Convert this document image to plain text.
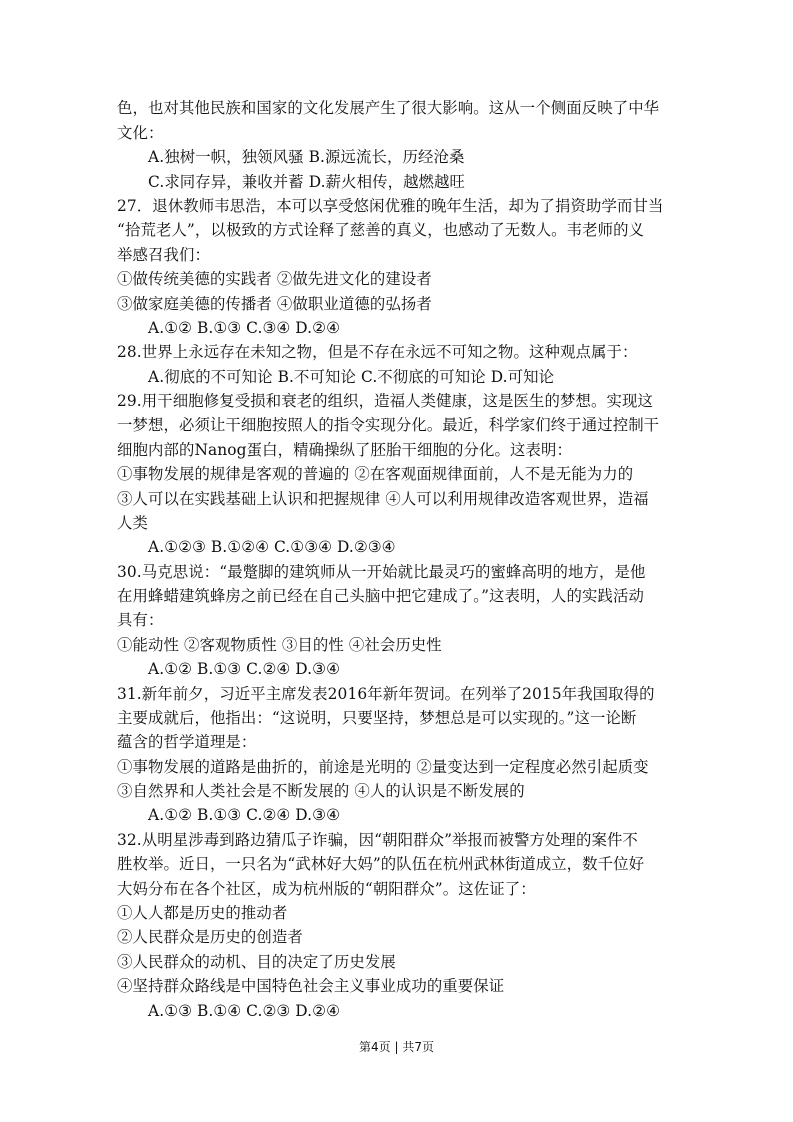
色，也对其他民族和国家的文化发展产生了很大影响。这从一个侧面反映了中华
文化：
A.独树一帜，独领风骚 B.源远流长，历经沧桑
C.求同存异，兼收并蓄 D.薪火相传，越燃越旺
27．退休教师韦思浩，本可以享受悠闲优雅的晚年生活，却为了捐资助学而甘当
“拾荒老人”，以极致的方式诠释了慈善的真义，也感动了无数人。韦老师的义
举感召我们：
①做传统美德的实践者 ②做先进文化的建设者
③做家庭美德的传播者 ④做职业道德的弘扬者
A.①② B.①③ C.③④ D.②④
28.世界上永远存在未知之物，但是不存在永远不可知之物。这种观点属于：
A.彻底的不可知论 B.不可知论 C.不彻底的可知论 D.可知论
29.用干细胞修复受损和衰老的组织，造福人类健康，这是医生的梦想。实现这
一梦想，必须让干细胞按照人的指令实现分化。最近，科学家们终于通过控制干
细胞内部的Nanog蛋白，精确操纵了胚胎干细胞的分化。这表明：
①事物发展的规律是客观的普遍的 ②在客观面规律面前，人不是无能为力的
③人可以在实践基础上认识和把握规律 ④人可以利用规律改造客观世界，造福
人类
A.①②③ B.①②④ C.①③④ D.②③④
30.马克思说：“最蹩脚的建筑师从一开始就比最灵巧的蜜蜂高明的地方，是他
在用蜂蜡建筑蜂房之前已经在自己头脑中把它建成了。”这表明，人的实践活动
具有：
①能动性 ②客观物质性 ③目的性 ④社会历史性
A.①② B.①③ C.②④ D.③④
31.新年前夕，习近平主席发表2016年新年贺词。在列举了2015年我国取得的
主要成就后，他指出：“这说明，只要坚持，梦想总是可以实现的。”这一论断
蕴含的哲学道理是：
①事物发展的道路是曲折的，前途是光明的 ②量变达到一定程度必然引起质变
③自然界和人类社会是不断发展的 ④人的认识是不断发展的
A.①② B.①③ C.②④ D.③④
32.从明星涉毒到路边猜瓜子诈骗，因“朝阳群众”举报而被警方处理的案件不
胜枚举。近日，一只名为“武林好大妈”的队伍在杭州武林街道成立，数千位好
大妈分布在各个社区，成为杭州版的“朝阳群众”。这佐证了：
①人人都是历史的推动者
②人民群众是历史的创造者
③人民群众的动机、目的决定了历史发展
④坚持群众路线是中国特色社会主义事业成功的重要保证
A.①③ B.①④ C.②③ D.②④
第4页 | 共7页
